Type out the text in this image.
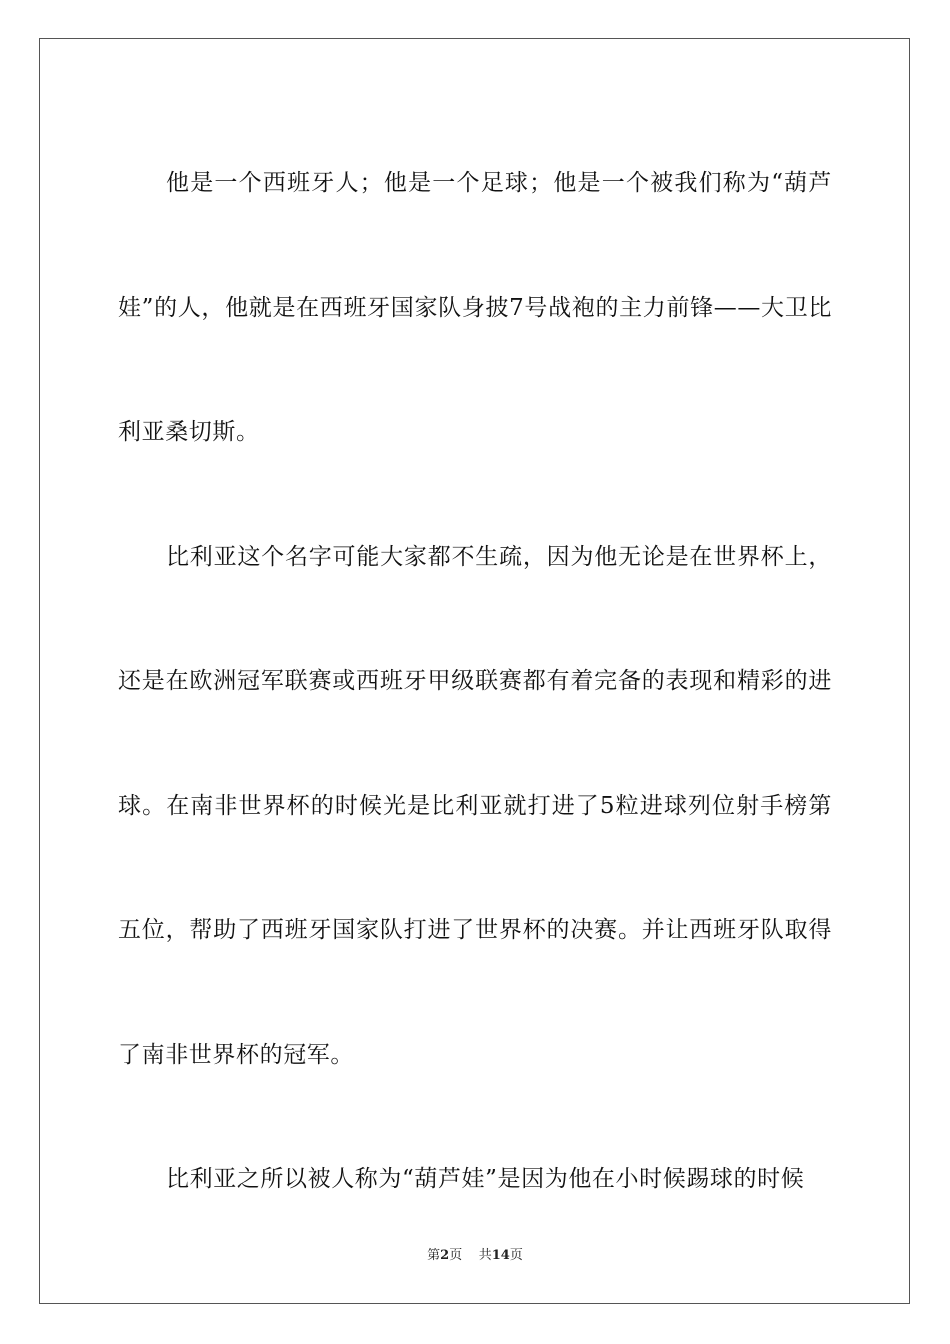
他是一个西班牙人；他是一个足球；他是一个被我们称为“葫芦娃”的人，他就是在西班牙国家队身披7号战袍的主力前锋——大卫比利亚桑切斯。

比利亚这个名字可能大家都不生疏，因为他无论是在世界杯上，还是在欧洲冠军联赛或西班牙甲级联赛都有着完备的表现和精彩的进球。在南非世界杯的时候光是比利亚就打进了5粒进球列位射手榜第五位，帮助了西班牙国家队打进了世界杯的决赛。并让西班牙队取得了南非世界杯的冠军。

比利亚之所以被人称为“葫芦娃”是因为他在小时候踢球的时候

第2页 共14页
